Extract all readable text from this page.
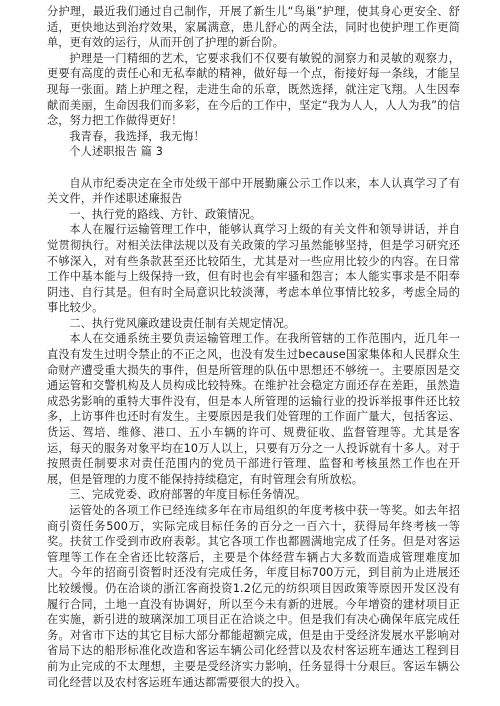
分护理，最近我们通过自己制作，开展了新生儿“鸟巢”护理，使其身心更安全、舒适，更快地达到治疗效果，家属满意，患儿舒心的两全法，同时也使护理工作更简单，更有效的运行，从而开创了护理的新台阶。

护理是一门精细的艺术，它要求我们不仅要有敏锐的洞察力和灵敏的观察力，更要有高度的责任心和无私奉献的精神，做好每一个点，衔接好每一条线，才能呈现每一张面。踏上护理之程，走进生命的乐章，既然选择，就注定飞翔。人生因奉献而美丽，生命因我们而多彩，在今后的工作中，坚定“我为人人，人人为我”的信念，努力把工作做得更好！

我青春，我选择，我无悔！

个人述职报告 篇 3

自从市纪委决定在全市处级干部中开展勤廉公示工作以来，本人认真学习了有关文件，并作述职述廉报告

一、执行党的路线、方针、政策情况。

本人在履行运输管理工作中，能够认真学习上级的有关文件和领导讲话，并自觉贯彻执行。对相关法律法规以及有关政策的学习虽然能够坚持，但是学习研究还不够深入，对有些条款甚至还比较陌生，尤其是对一些应用比较少的内容。在日常工作中基本能与上级保持一致，但有时也会有牢骚和怨言；本人能实事求是不阳奉阴违、自行其是。但有时全局意识比较淡薄，考虑本单位事情比较多，考虑全局的事比较少。

二、执行党风廉政建设责任制有关规定情况。

本人在交通系统主要负责运输管理工作。在我所管辖的工作范围内，近几年一直没有发生过明令禁止的不正之风，也没有发生过because国家集体和人民群众生命财产遭受重大损失的事件，但是所管理的队伍中思想还不够统一。主要原因是交通运管和交警机构及人员构成比较特殊。在维护社会稳定方面还存在差距，虽然造成恐劣影响的重特大事件没有，但是本人所管理的运输行业的投诉举报事件还比较多，上访事件也还时有发生。主要原因是我们处管理的工作面广量大，包括客运、货运、驾培、维修、港口、五小车辆的许可、规费征收、监督管理等。尤其是客运，每天的服务对象平均在10万人以上，只要有万分之一人投诉就有十多人。对于按照责任制要求对责任范围内的党员干部进行管理、监督和考核虽然工作也在开展，但是管理的力度不能保持持续稳定，有时管理会有所放松。

三、完成党委、政府部署的年度目标任务情况。

运管处的各项工作已经连续多年在市局组织的年度考核中获一等奖。如去年招商引资任务500万，实际完成目标任务的百分之一百六十，获得局年终考核一等奖。扶贫工作受到市政府表彰。其它各项工作也都圆满地完成了任务。但是对客运管理等工作在全省还比较落后，主要是个体经营车辆占大多数而造成管理难度加大。今年的招商引资暂时还没有完成任务，年度目标700万元，到目前为止进展还比较缓慢。仍在洽谈的浙江客商投资1.2亿元的纺织项目因政策等原因开发区没有履行合同，土地一直没有协调好，所以至今未有新的进展。今年增资的建材项目正在实施，新引进的玻璃深加工项目正在洽谈之中。但是我们有决心确保年底完成任务。对省市下达的其它目标大部分都能超额完成，但是由于受经济发展水平影响对省局下达的船形标准化改造和客运车辆公司化经营以及农村客运班车通达工程到目前为止完成的不太理想，主要是受经济实力影响，任务显得十分艰巨。客运车辆公司化经营以及农村客运班车通达都需要很大的投入。
